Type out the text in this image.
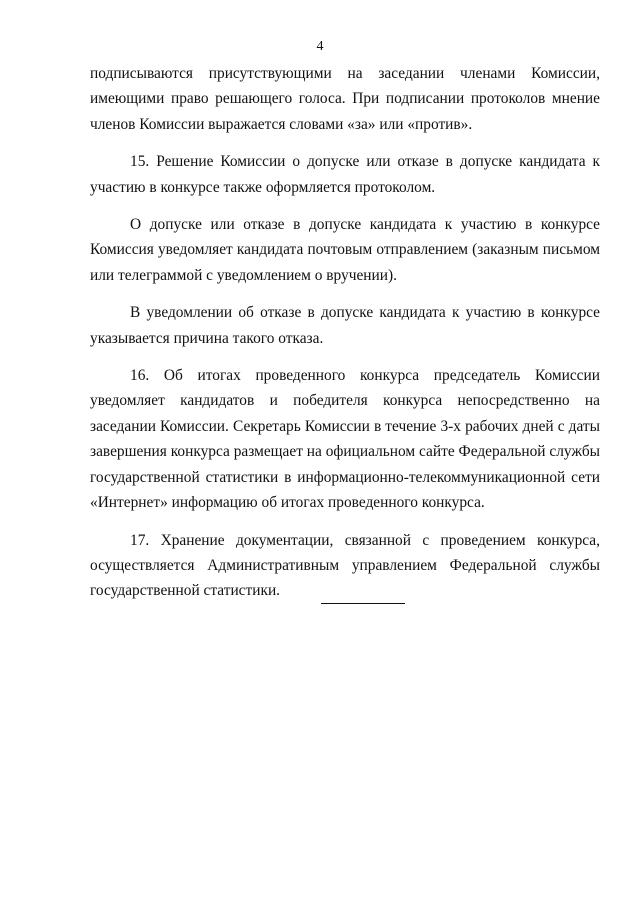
4

подписываются присутствующими на заседании членами Комиссии, имеющими право решающего голоса. При подписании протоколов мнение членов Комиссии выражается словами «за» или «против».

15. Решение Комиссии о допуске или отказе в допуске кандидата к участию в конкурсе также оформляется протоколом.

О допуске или отказе в допуске кандидата к участию в конкурсе Комиссия уведомляет кандидата почтовым отправлением (заказным письмом или телеграммой с уведомлением о вручении).

В уведомлении об отказе в допуске кандидата к участию в конкурсе указывается причина такого отказа.

16. Об итогах проведенного конкурса председатель Комиссии уведомляет кандидатов и победителя конкурса непосредственно на заседании Комиссии. Секретарь Комиссии в течение 3-х рабочих дней с даты завершения конкурса размещает на официальном сайте Федеральной службы государственной статистики в информационно-телекоммуникационной сети «Интернет» информацию об итогах проведенного конкурса.

17. Хранение документации, связанной с проведением конкурса, осуществляется Административным управлением Федеральной службы государственной статистики.
